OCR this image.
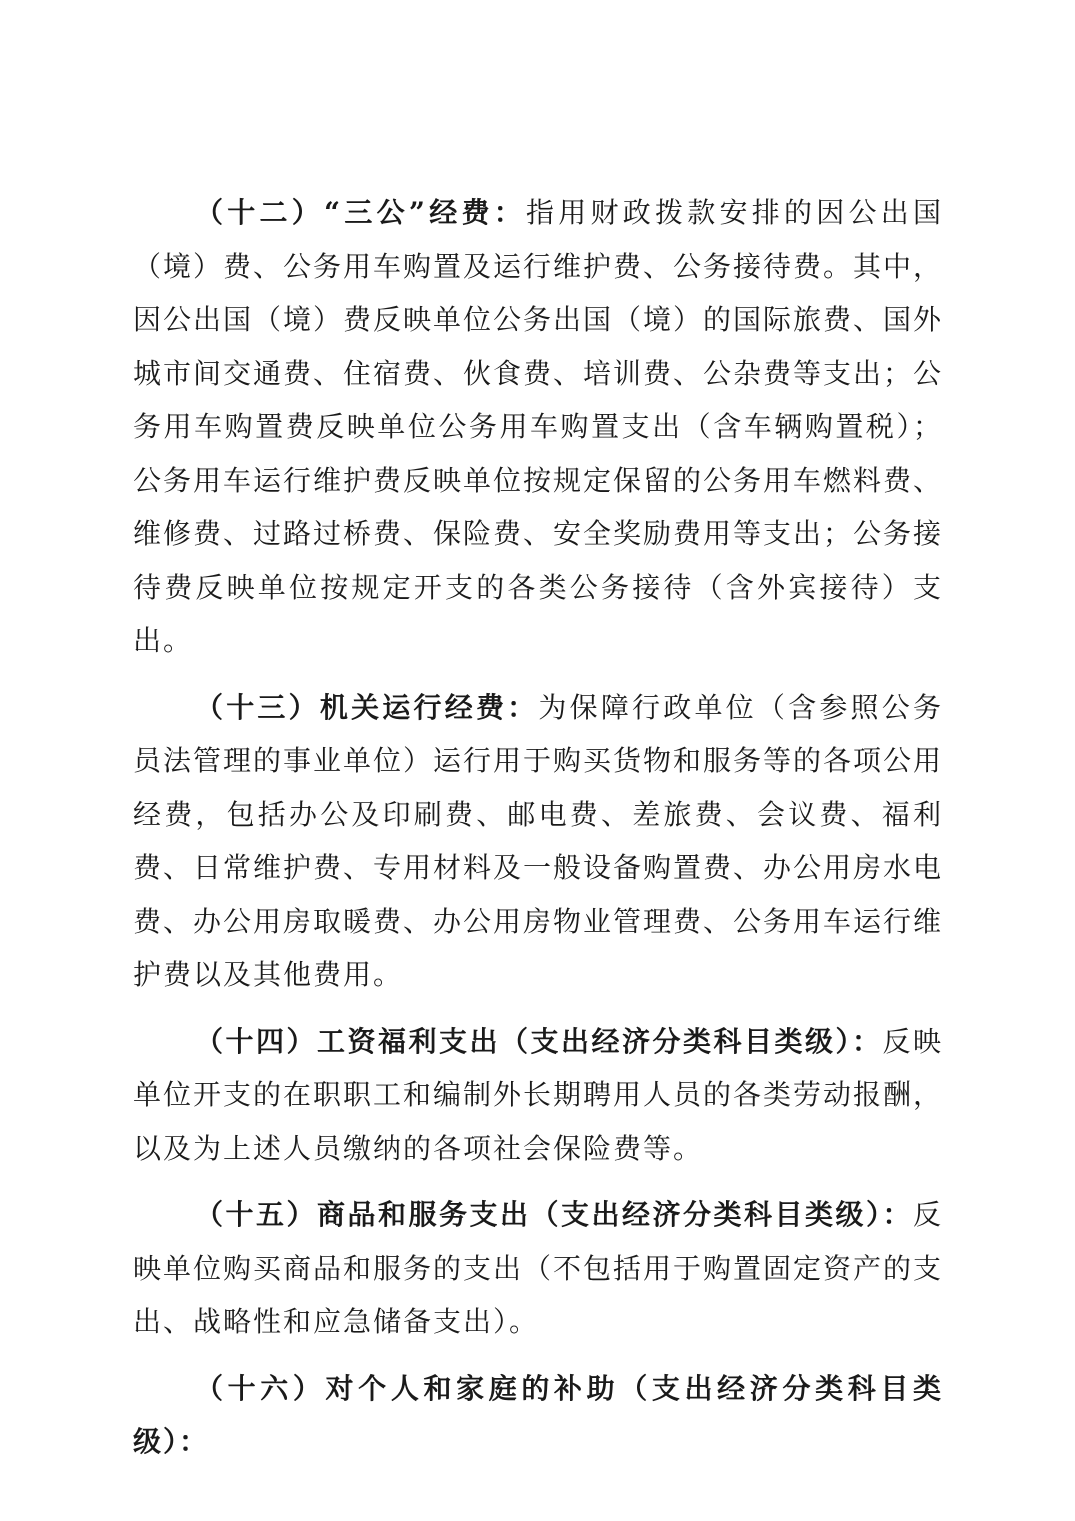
（十二）“三公”经费：指用财政拨款安排的因公出国（境）费、公务用车购置及运行维护费、公务接待费。其中，因公出国（境）费反映单位公务出国（境）的国际旅费、国外城市间交通费、住宿费、伙食费、培训费、公杂费等支出；公务用车购置费反映单位公务用车购置支出（含车辆购置税）；公务用车运行维护费反映单位按规定保留的公务用车燃料费、维修费、过路过桥费、保险费、安全奖励费用等支出；公务接待费反映单位按规定开支的各类公务接待（含外宾接待）支出。

（十三）机关运行经费：为保障行政单位（含参照公务员法管理的事业单位）运行用于购买货物和服务等的各项公用经费，包括办公及印刷费、邮电费、差旅费、会议费、福利费、日常维护费、专用材料及一般设备购置费、办公用房水电费、办公用房取暖费、办公用房物业管理费、公务用车运行维护费以及其他费用。

（十四）工资福利支出（支出经济分类科目类级）：反映单位开支的在职职工和编制外长期聘用人员的各类劳动报酬，以及为上述人员缴纳的各项社会保险费等。

（十五）商品和服务支出（支出经济分类科目类级）：反映单位购买商品和服务的支出（不包括用于购置固定资产的支出、战略性和应急储备支出）。

（十六）对个人和家庭的补助（支出经济分类科目类级）：
